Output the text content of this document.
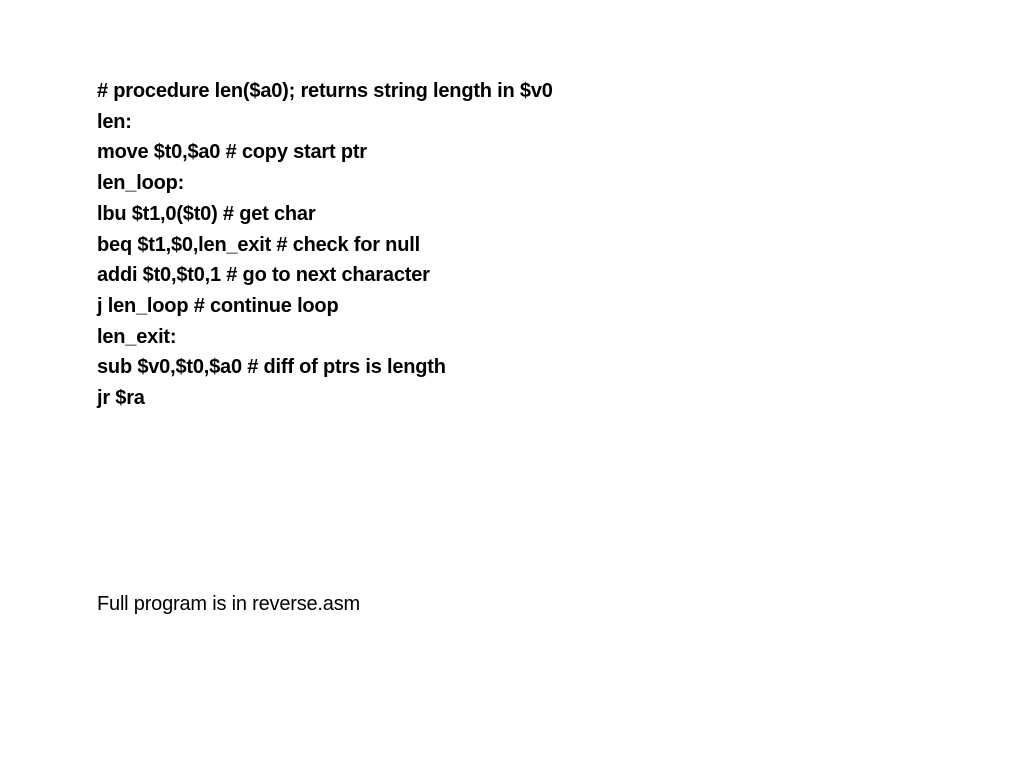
# procedure len($a0); returns string length in $v0
len:
move $t0,$a0 # copy start ptr
len_loop:
lbu $t1,0($t0) # get char
beq $t1,$0,len_exit # check for null
addi $t0,$t0,1 # go to next character
j len_loop # continue loop
len_exit:
sub $v0,$t0,$a0 # diff of ptrs is length
jr $ra
Full program is in reverse.asm
